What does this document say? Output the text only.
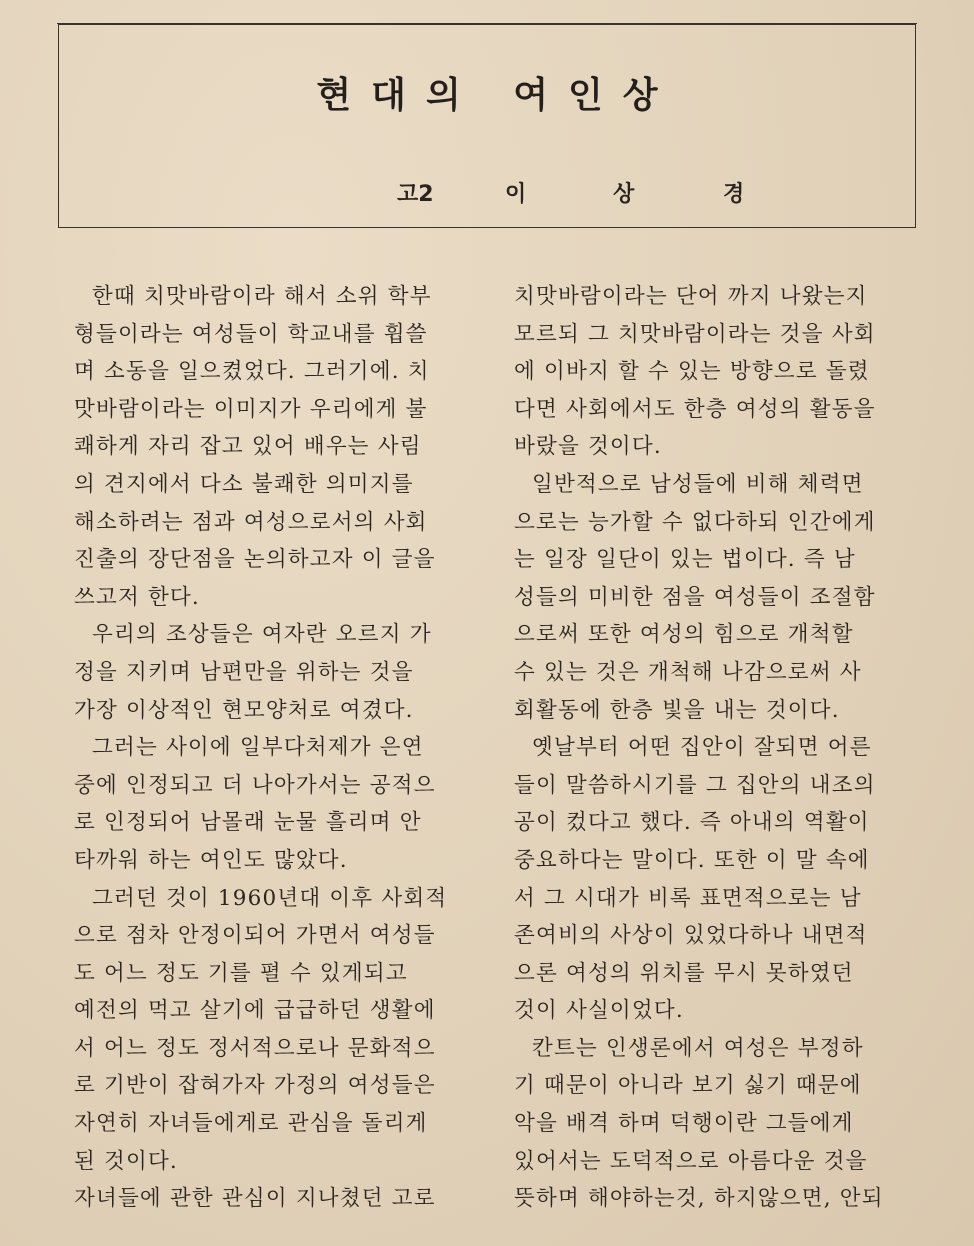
현대의 여인상
고2	이	상	경
한때 치맛바람이라 해서 소위 학부
형들이라는 여성들이 학교내를 휩쓸
며 소동을 일으켰었다. 그러기에. 치
맛바람이라는 이미지가 우리에게 불
쾌하게 자리 잡고 있어 배우는 사림
의 견지에서 다소 불쾌한 의미지를
해소하려는 점과 여성으로서의 사회
진출의 장단점을 논의하고자 이 글을
쓰고저 한다.
우리의 조상들은 여자란 오르지 가
정을 지키며 남편만을 위하는 것을
가장 이상적인 현모양처로 여겼다.
그러는 사이에 일부다처제가 은연
중에 인정되고 더 나아가서는 공적으
로 인정되어 남몰래 눈물 흘리며 안
타까워 하는 여인도 많았다.
그러던 것이 1960년대 이후 사회적
으로 점차 안정이되어 가면서 여성들
도 어느 정도 기를 펼 수 있게되고
예전의 먹고 살기에 급급하던 생활에
서 어느 정도 정서적으로나 문화적으
로 기반이 잡혀가자 가정의 여성들은
자연히 자녀들에게로 관심을 돌리게
된 것이다.
자녀들에 관한 관심이 지나쳤던 고로
치맛바람이라는 단어 까지 나왔는지
모르되 그 치맛바람이라는 것을 사회
에 이바지 할 수 있는 방향으로 돌렸
다면 사회에서도 한층 여성의 활동을
바랐을 것이다.
일반적으로 남성들에 비해 체력면
으로는 능가할 수 없다하되 인간에게
는 일장 일단이 있는 법이다. 즉 남
성들의 미비한 점을 여성들이 조절함
으로써 또한 여성의 힘으로 개척할
수 있는 것은 개척해 나감으로써 사
회활동에 한층 빛을 내는 것이다.
옛날부터 어떤 집안이 잘되면 어른
들이 말씀하시기를 그 집안의 내조의
공이 컸다고 했다. 즉 아내의 역활이
중요하다는 말이다. 또한 이 말 속에
서 그 시대가 비록 표면적으로는 남
존여비의 사상이 있었다하나 내면적
으론 여성의 위치를 무시 못하였던
것이 사실이었다.
칸트는 인생론에서 여성은 부정하
기 때문이 아니라 보기 싫기 때문에
악을 배격 하며 덕행이란 그들에게
있어서는 도덕적으로 아름다운 것을
뜻하며 해야하는것, 하지않으면, 안되
